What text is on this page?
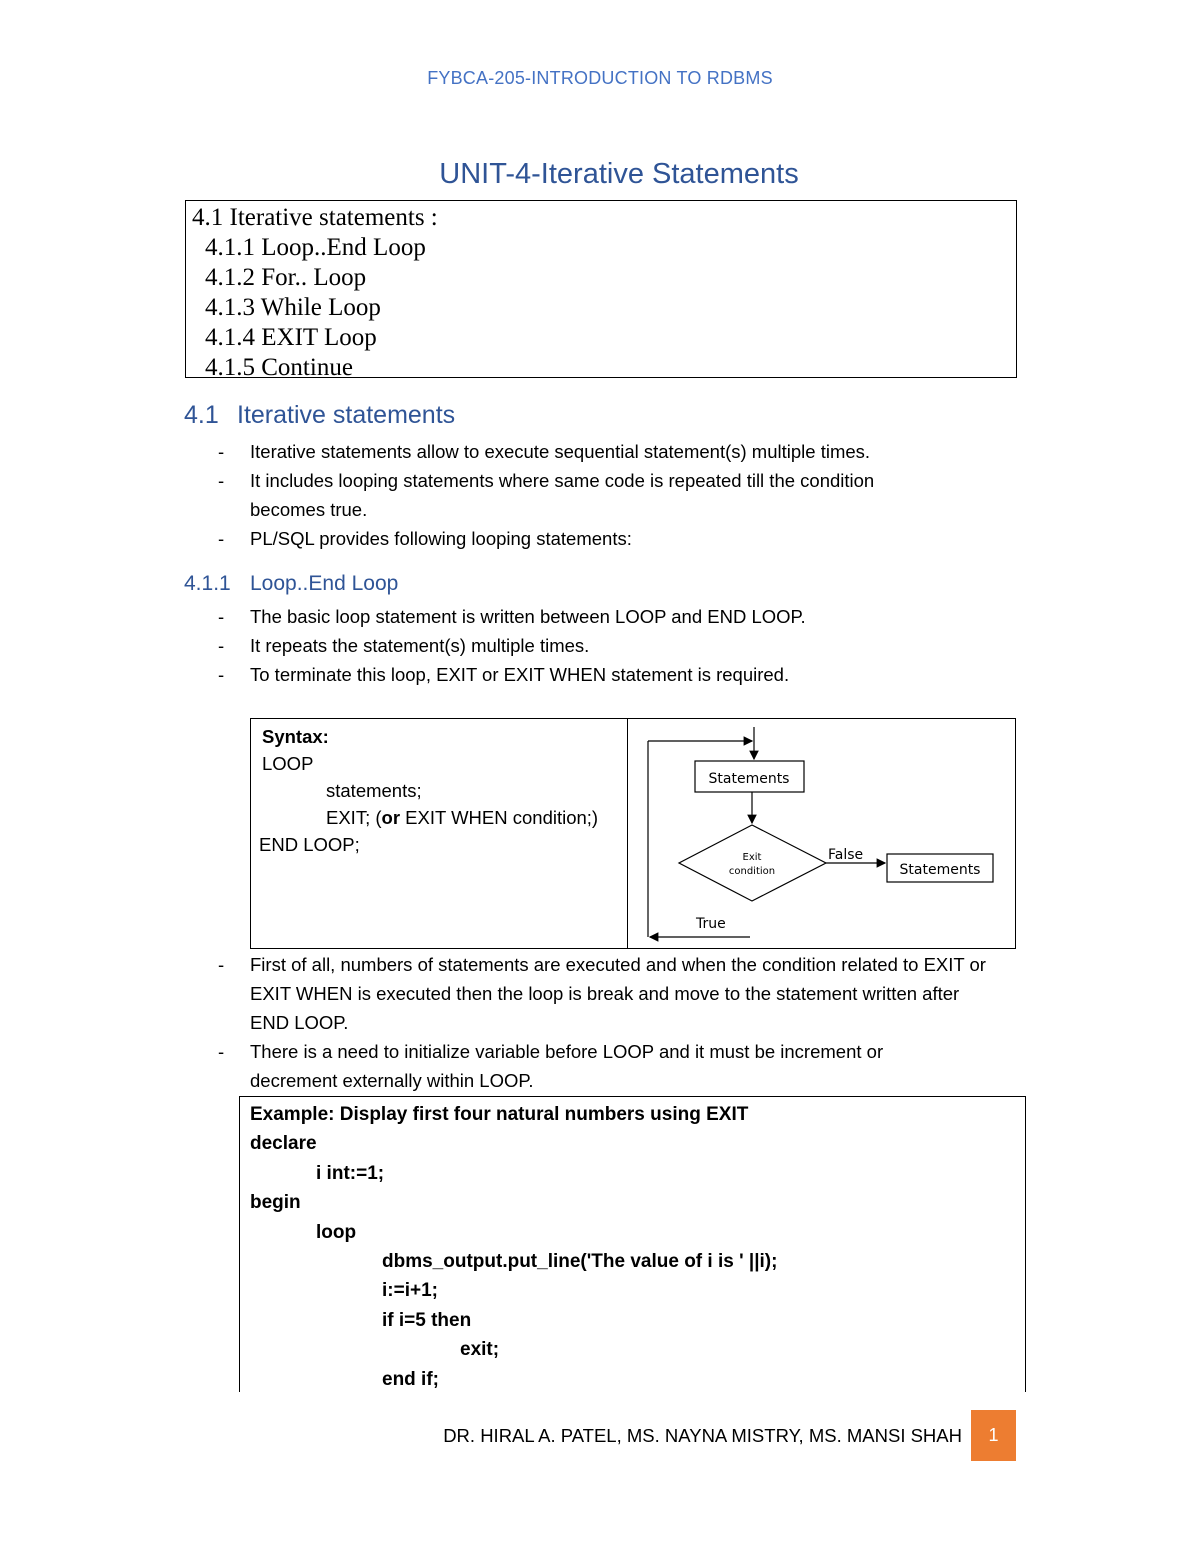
FYBCA-205-INTRODUCTION TO RDBMS
UNIT-4-Iterative Statements
4.1 Iterative statements :
4.1.1 Loop..End Loop
4.1.2 For.. Loop
4.1.3 While Loop
4.1.4 EXIT Loop
4.1.5 Continue
4.1 Iterative statements
- Iterative statements allow to execute sequential statement(s) multiple times.
- It includes looping statements where same code is repeated till the condition becomes true.
- PL/SQL provides following looping statements:
4.1.1 Loop..End Loop
- The basic loop statement is written between LOOP and END LOOP.
- It repeats the statement(s) multiple times.
- To terminate this loop, EXIT or EXIT WHEN statement is required.
Syntax:
LOOP
statements;
EXIT; (or EXIT WHEN condition;)
END LOOP;
Statements
Exit
condition
False
Statements
True
- First of all, numbers of statements are executed and when the condition related to EXIT or EXIT WHEN is executed then the loop is break and move to the statement written after END LOOP.
- There is a need to initialize variable before LOOP and it must be increment or decrement externally within LOOP.
Example: Display first four natural numbers using EXIT
declare
i int:=1;
begin
loop
dbms_output.put_line('The value of i is ' ||i);
i:=i+1;
if i=5 then
exit;
end if;
DR. HIRAL A. PATEL, MS. NAYNA MISTRY, MS. MANSI SHAH	1
